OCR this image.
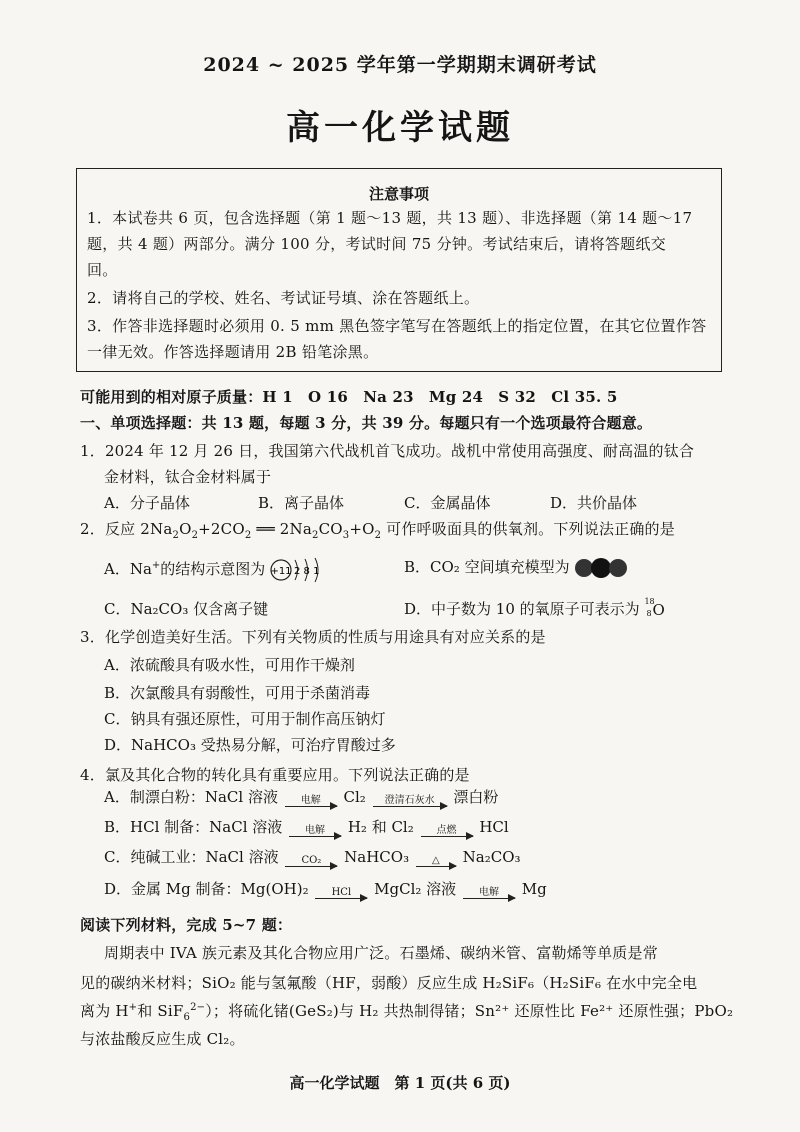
2024 ~ 2025 学年第一学期期末调研考试
高一化学试题
注意事项
1．本试卷共 6 页，包含选择题（第 1 题～13 题，共 13 题）、非选择题（第 14 题～17
题，共 4 题）两部分。满分 100 分，考试时间 75 分钟。考试结束后，请将答题纸交
回。
2．请将自己的学校、姓名、考试证号填、涂在答题纸上。
3．作答非选择题时必须用 0. 5 mm 黑色签字笔写在答题纸上的指定位置，在其它位置作答
一律无效。作答选择题请用 2B 铅笔涂黑。
可能用到的相对原子质量：H 1　O 16　Na 23　Mg 24　S 32　Cl 35. 5
一、单项选择题：共 13 题，每题 3 分，共 39 分。每题只有一个选项最符合题意。
1．2024 年 12 月 26 日，我国第六代战机首飞成功。战机中常使用高强度、耐高温的钛合
金材料，钛合金材料属于
A．分子晶体	B．离子晶体	C．金属晶体	D．共价晶体
2．反应 $2Na_2O_2+2CO_2$ ══ $2Na_2CO_3+O_2$ 可作呼吸面具的供氧剂。下列说法正确的是
A．Na+的结构示意图为 +11 2 8 1	B．CO₂ 空间填充模型为
C．Na₂CO₃ 仅含离子键	D．中子数为 10 的氧原子可表示为 18
8 O
3．化学创造美好生活。下列有关物质的性质与用途具有对应关系的是
A．浓硫酸具有吸水性，可用作干燥剂
B．次氯酸具有弱酸性，可用于杀菌消毒
C．钠具有强还原性，可用于制作高压钠灯
D．NaHCO₃ 受热易分解，可治疗胃酸过多
4．氯及其化合物的转化具有重要应用。下列说法正确的是
A．制漂白粉：NaCl 溶液	电解	Cl₂	澄清石灰水	漂白粉
B．HCl 制备：NaCl 溶液	电解	H₂ 和 Cl₂	点燃	HCl
C．纯碱工业：NaCl 溶液	CO₂	NaHCO₃	△	Na₂CO₃
D．金属 Mg 制备：Mg(OH)₂	HCl	MgCl₂ 溶液	电解	Mg
阅读下列材料，完成 5~7 题：
周期表中 IVA 族元素及其化合物应用广泛。石墨烯、碳纳米管、富勒烯等单质是常
见的碳纳米材料；SiO₂ 能与氢氟酸（HF，弱酸）反应生成 H₂SiF₆（H₂SiF₆ 在水中完全电
离为 H+和 SiF$_6^{2-}$）；将硫化锗(GeS₂)与 H₂ 共热制得锗；Sn²⁺ 还原性比 Fe²⁺ 还原性强；PbO₂
与浓盐酸反应生成 Cl₂。
高一化学试题　第 1 页(共 6 页)
